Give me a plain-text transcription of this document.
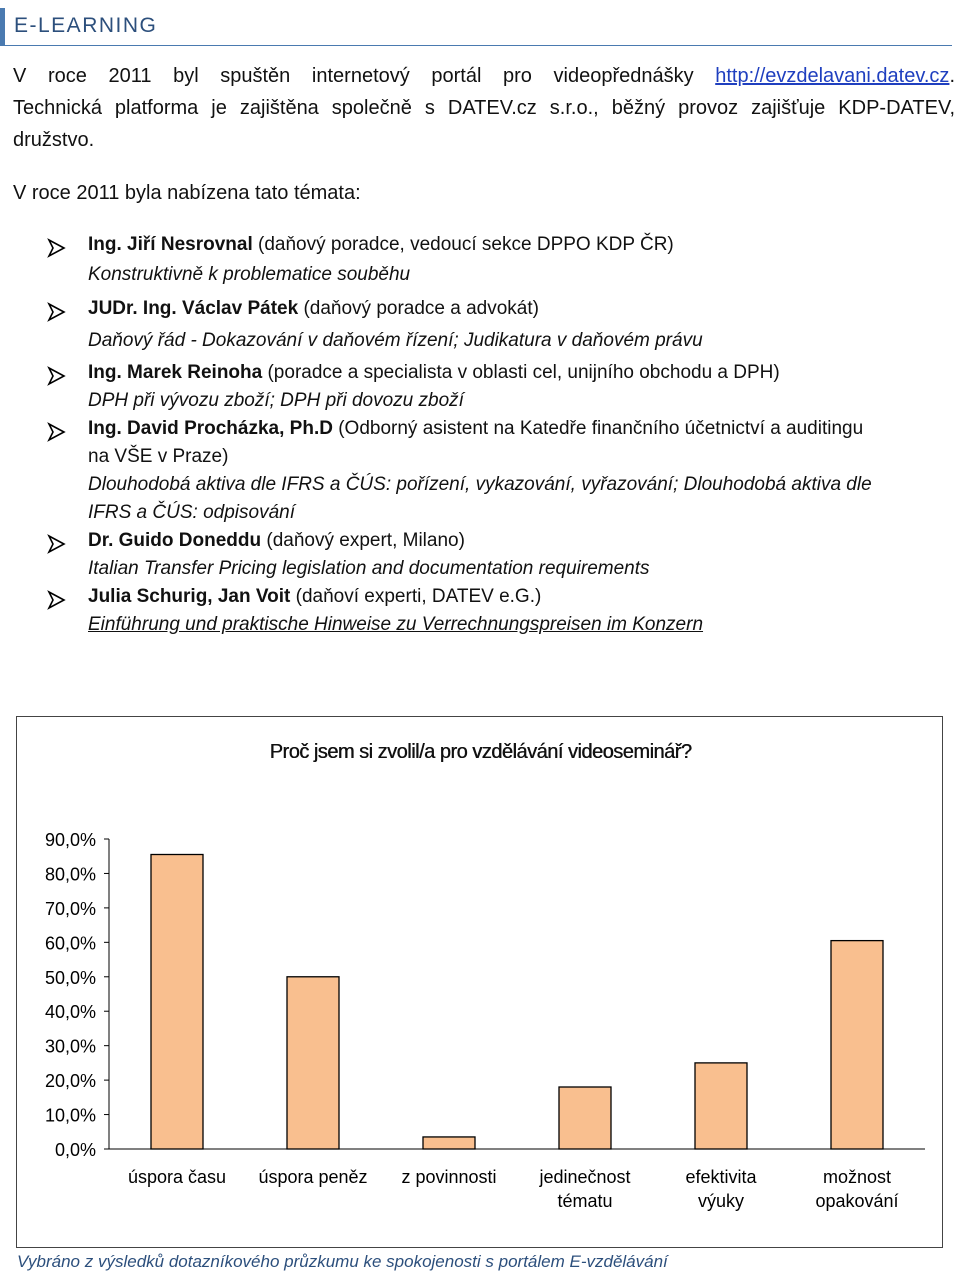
E-LEARNING

V roce 2011 byl spuštěn internetový portál pro videopřednášky http://evzdelavani.datev.cz.

Technická platforma je zajištěna společně s DATEV.cz s.r.o., běžný provoz zajišťuje KDP-DATEV,

družstvo.

V roce 2011 byla nabízena tato témata:
Ing. Jiří Nesrovnal (daňový poradce, vedoucí sekce DPPO KDP ČR)
Konstruktivně k problematice souběhu
JUDr. Ing. Václav Pátek (daňový poradce a advokát)
Daňový řád - Dokazování v daňovém řízení; Judikatura v daňovém právu
Ing. Marek Reinoha (poradce a specialista v oblasti cel, unijního obchodu a DPH)
DPH při vývozu zboží; DPH při dovozu zboží
Ing. David Procházka, Ph.D (Odborný asistent na Katedře finančního účetnictví a auditingu
na VŠE v Praze)
Dlouhodobá aktiva dle IFRS a ČÚS: pořízení, vykazování, vyřazování; Dlouhodobá aktiva dle
IFRS a ČÚS: odpisování
Dr. Guido Doneddu (daňový expert, Milano)
Italian Transfer Pricing legislation and documentation requirements
Julia Schurig, Jan Voit (daňoví experti, DATEV e.G.)
Einführung und praktische Hinweise zu Verrechnungspreisen im Konzern
Proč jsem si zvolil/a pro vzdělávání videoseminář?
0,0%
10,0%
20,0%
30,0%
40,0%
50,0%
60,0%
70,0%
80,0%
90,0%
úspora času úspora peněz z povinnosti jedinečnost
tématu
efektivita
výuky
možnost
opakování
Vybráno z výsledků dotazníkového průzkumu ke spokojenosti s portálem E-vzdělávání
